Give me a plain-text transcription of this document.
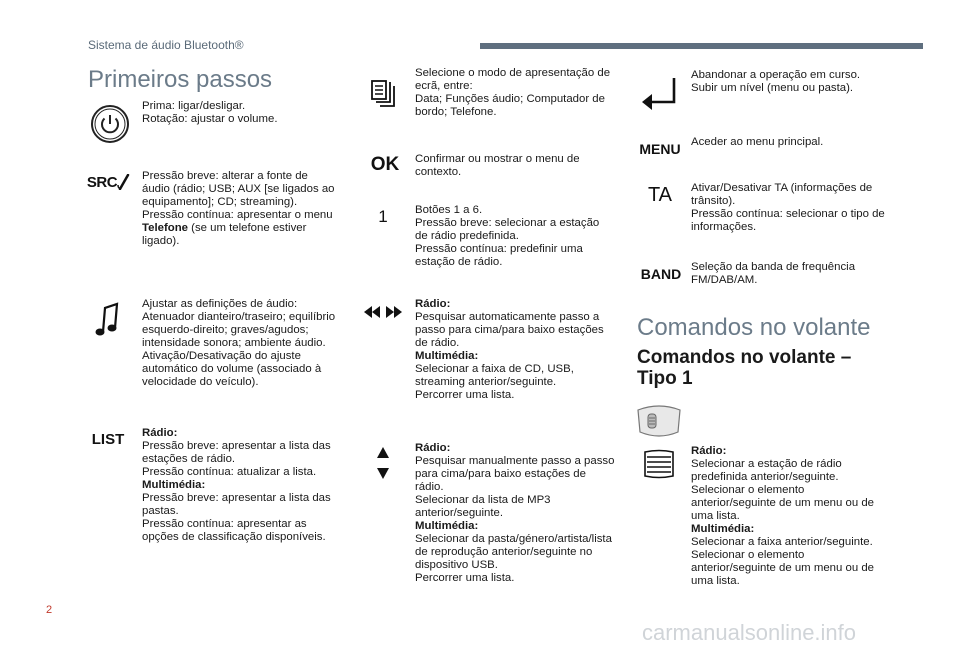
Sistema de áudio Bluetooth®
Primeiros passos
Prima: ligar/desligar.
Rotação: ajustar o volume.
SRC Pressão breve: alterar a fonte de áudio (rádio; USB; AUX [se ligados ao equipamento]; CD; streaming).
Pressão contínua: apresentar o menu Telefone (se um telefone estiver ligado).
Ajustar as definições de áudio: Atenuador dianteiro/traseiro; equilíbrio esquerdo-direito; graves/agudos; intensidade sonora; ambiente áudio.
Ativação/Desativação do ajuste automático do volume (associado à velocidade do veículo).
LIST Rádio:
Pressão breve: apresentar a lista das estações de rádio.
Pressão contínua: atualizar a lista.
Multimédia:
Pressão breve: apresentar a lista das pastas.
Pressão contínua: apresentar as opções de classificação disponíveis.
Selecione o modo de apresentação de ecrã, entre:
Data; Funções áudio; Computador de bordo; Telefone.
OK Confirmar ou mostrar o menu de contexto.
1 Botões 1 a 6.
Pressão breve: selecionar a estação de rádio predefinida.
Pressão contínua: predefinir uma estação de rádio.
Rádio:
Pesquisar automaticamente passo a passo para cima/para baixo estações de rádio.
Multimédia:
Selecionar a faixa de CD, USB, streaming anterior/seguinte.
Percorrer uma lista.
Rádio:
Pesquisar manualmente passo a passo para cima/para baixo estações de rádio.
Selecionar da lista de MP3 anterior/seguinte.
Multimédia:
Selecionar da pasta/género/artista/lista de reprodução anterior/seguinte no dispositivo USB.
Percorrer uma lista.
Abandonar a operação em curso.
Subir um nível (menu ou pasta).
MENU Aceder ao menu principal.
TA Ativar/Desativar TA (informações de trânsito).
Pressão contínua: selecionar o tipo de informações.
BAND Seleção da banda de frequência FM/DAB/AM.
Comandos no volante
Comandos no volante –
Tipo 1
Rádio:
Selecionar a estação de rádio predefinida anterior/seguinte.
Selecionar o elemento anterior/seguinte de um menu ou de uma lista.
Multimédia:
Selecionar a faixa anterior/seguinte.
Selecionar o elemento anterior/seguinte de um menu ou de uma lista.
2
carmanualsonline.info
